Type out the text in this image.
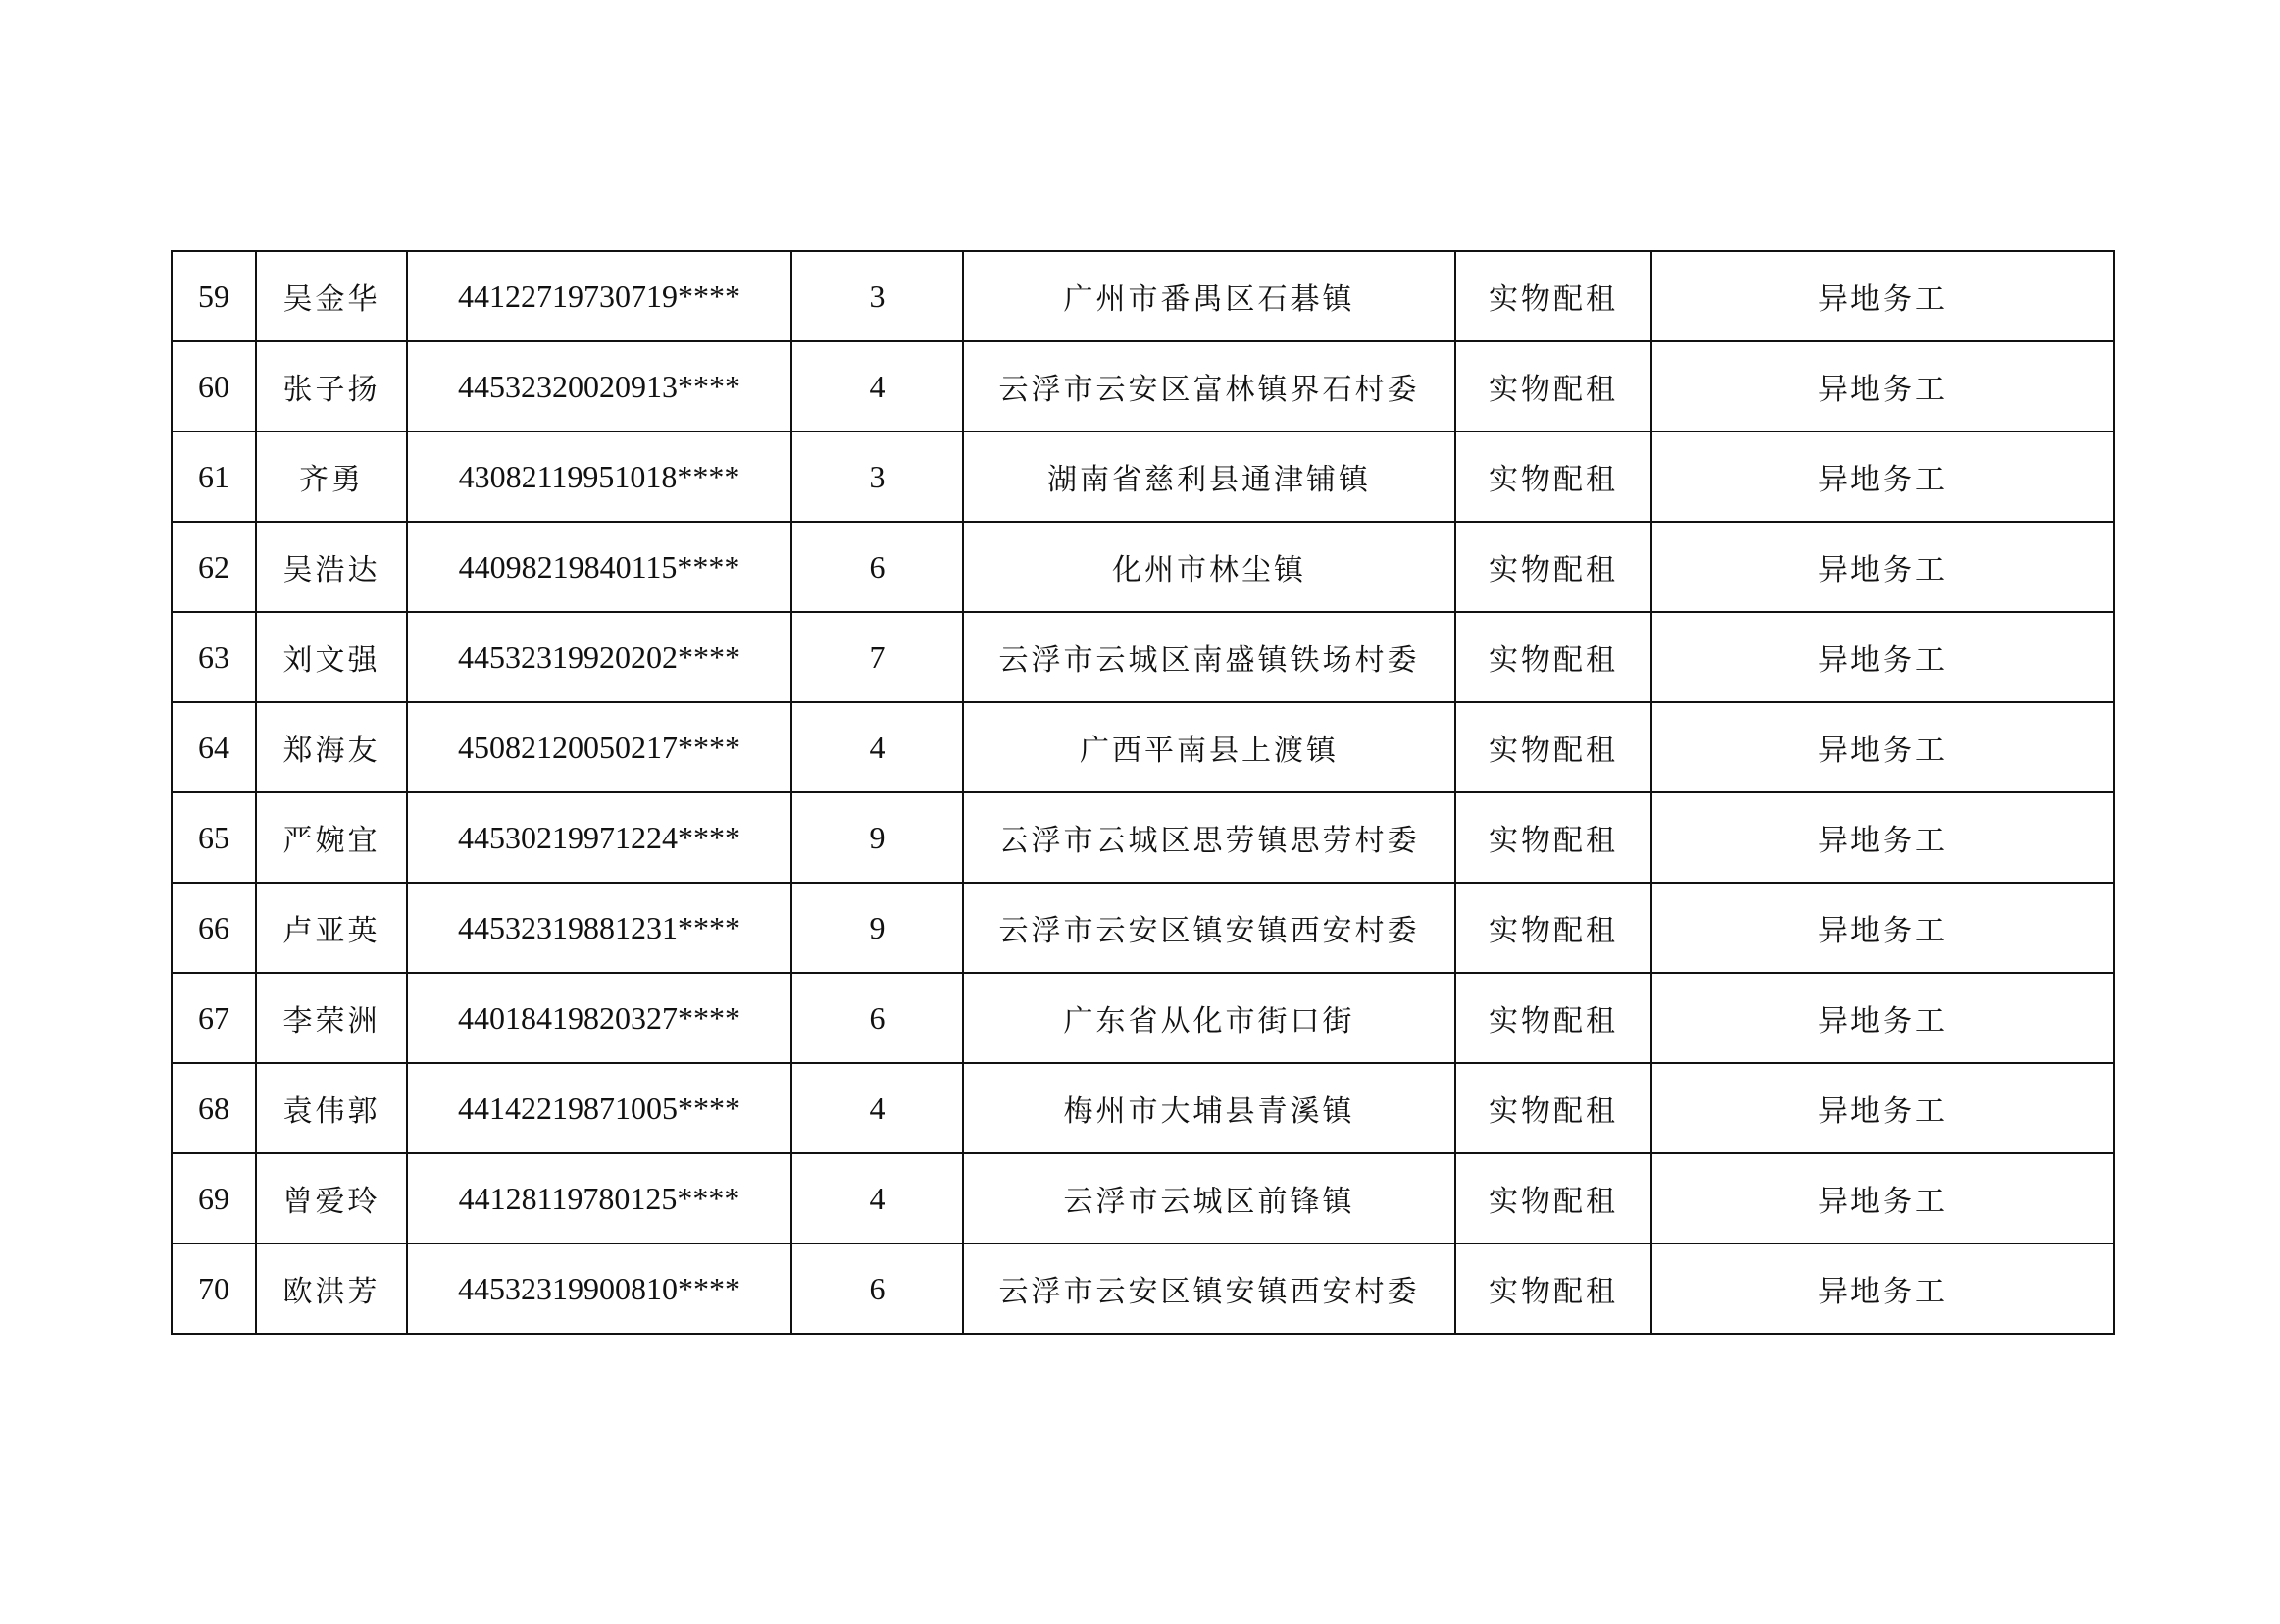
59	吴金华	44122719730719****	3	广州市番禺区石碁镇	实物配租	异地务工
60	张子扬	44532320020913****	4	云浮市云安区富林镇界石村委	实物配租	异地务工
61	齐勇	43082119951018****	3	湖南省慈利县通津铺镇	实物配租	异地务工
62	吴浩达	44098219840115****	6	化州市林尘镇	实物配租	异地务工
63	刘文强	44532319920202****	7	云浮市云城区南盛镇铁场村委	实物配租	异地务工
64	郑海友	45082120050217****	4	广西平南县上渡镇	实物配租	异地务工
65	严婉宜	44530219971224****	9	云浮市云城区思劳镇思劳村委	实物配租	异地务工
66	卢亚英	44532319881231****	9	云浮市云安区镇安镇西安村委	实物配租	异地务工
67	李荣洲	44018419820327****	6	广东省从化市街口街	实物配租	异地务工
68	袁伟郭	44142219871005****	4	梅州市大埔县青溪镇	实物配租	异地务工
69	曾爱玲	44128119780125****	4	云浮市云城区前锋镇	实物配租	异地务工
70	欧洪芳	44532319900810****	6	云浮市云安区镇安镇西安村委	实物配租	异地务工
